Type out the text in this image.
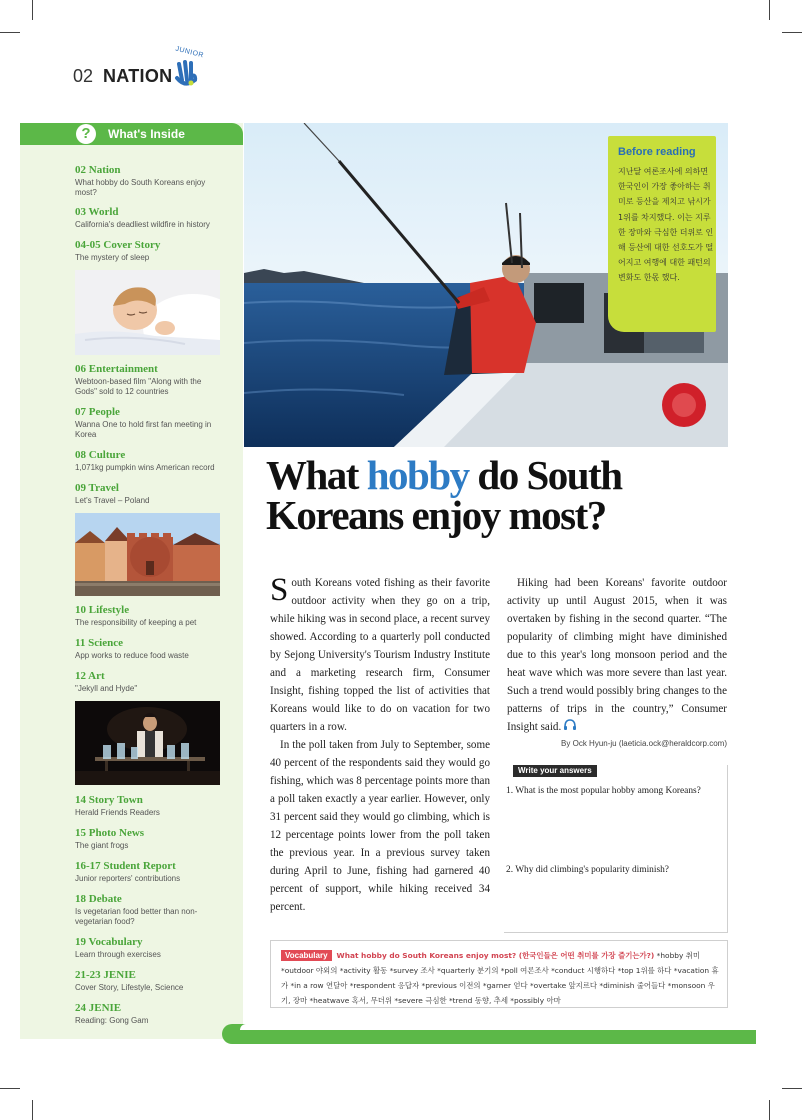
02 NATION
JUNIOR
?	What's Inside
02 Nation
What hobby do South Koreans enjoy most?
03 World
California's deadliest wildfire in history
04-05 Cover Story
The mystery of sleep
06 Entertainment
Webtoon-based film "Along with the Gods" sold to 12 countries
07 People
Wanna One to hold first fan meeting in Korea
08 Culture
1,071kg pumpkin wins American record
09 Travel
Let's Travel – Poland
10 Lifestyle
The responsibility of keeping a pet
11 Science
App works to reduce food waste
12 Art
"Jekyll and Hyde"
14 Story Town
Herald Friends Readers
15 Photo News
The giant frogs
16-17 Student Report
Junior reporters' contributions
18 Debate
Is vegetarian food better than non-vegetarian food?
19 Vocabulary
Learn through exercises
21-23 JENIE
Cover Story, Lifestyle, Science
24 JENIE
Reading: Gong Gam
Before reading
지난달 여론조사에 의하면 한국인이 가장 좋아하는 취미로 등산을 제치고 낚시가 1위를 차지했다. 이는 지루한 장마와 극심한 더위로 인해 등산에 대한 선호도가 떨어지고 여행에 대한 패턴의 변화도 한몫 했다.
What hobby do South Koreans enjoy most?

South Koreans voted fishing as their favorite outdoor activity when they go on a trip, while hiking was in second place, a recent survey showed. According to a quarterly poll conducted by Sejong University's Tourism Industry Institute and a marketing research firm, Consumer Insight, fishing topped the list of activities that Koreans would like to do on vacation for two quarters in a row.

In the poll taken from July to September, some 40 percent of the respondents said they would go fishing, which was 8 percentage points more than a poll taken exactly a year earlier. However, only 31 percent said they would go climbing, which is 12 percentage points lower from the poll taken the previous year. In a previous survey taken during April to June, fishing had garnered 40 percent of support, while hiking received 34 percent.

Hiking had been Koreans' favorite outdoor activity up until August 2015, when it was overtaken by fishing in the second quarter. “The popularity of climbing might have diminished due to this year's long monsoon period and the heat wave which was more severe than last year. Such a trend would possibly bring changes to the patterns of trips in the country,” Consumer Insight said.

By Ock Hyun-ju (laeticia.ock@heraldcorp.com)
Write your answers
1. What is the most popular hobby among Koreans?
2. Why did climbing's popularity diminish?
Vocabulary What hobby do South Koreans enjoy most? (한국인들은 어떤 취미를 가장 즐기는가?) *hobby 취미 *outdoor 야외의 *activity 활동 *survey 조사 *quarterly 분기의 *poll 여론조사 *conduct 시행하다 *top 1위를 하다 *vacation 휴가 *in a row 연달아 *respondent 응답자 *previous 이전의 *garner 얻다 *overtake 앞지르다 *diminish 줄어들다 *monsoon 우기, 장마 *heatwave 혹서, 무더위 *severe 극심한 *trend 동향, 추세 *possibly 아마
